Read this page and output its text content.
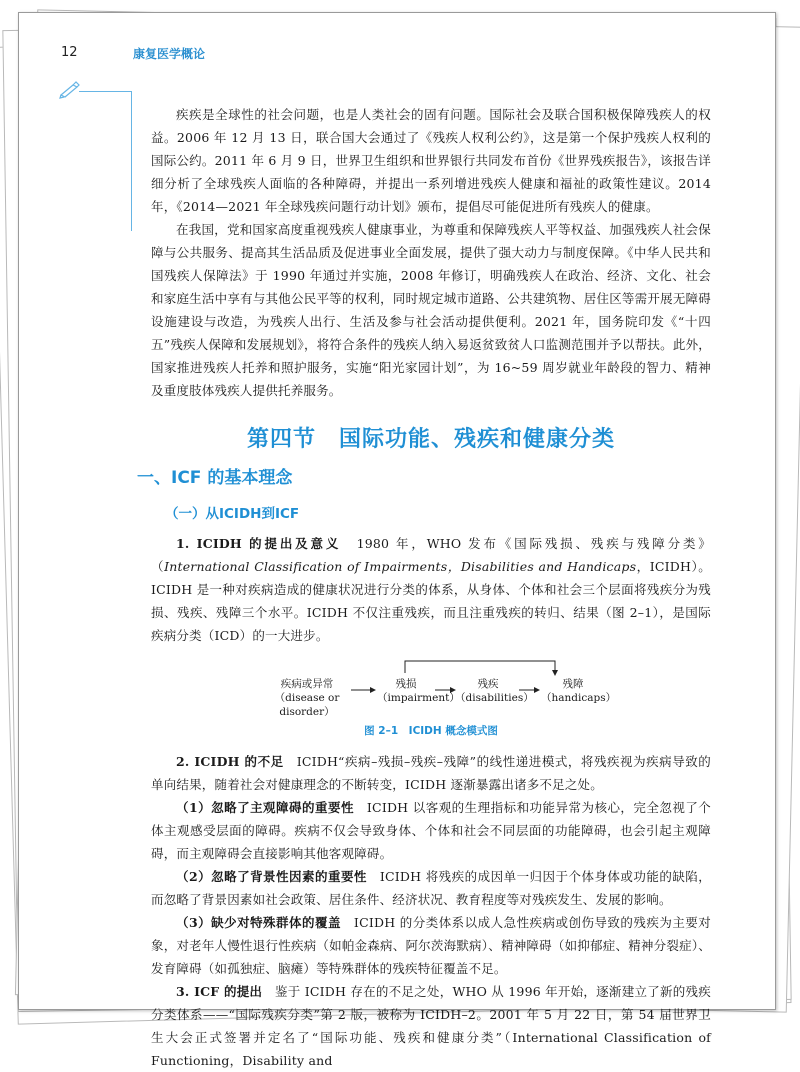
12	康复医学概论

疾疾是全球性的社会问题，也是人类社会的固有问题。国际社会及联合国积极保障残疾人的权益。2006 年 12 月 13 日，联合国大会通过了《残疾人权利公约》，这是第一个保护残疾人权利的国际公约。2011 年 6 月 9 日，世界卫生组织和世界银行共同发布首份《世界残疾报告》，该报告详细分析了全球残疾人面临的各种障碍，并提出一系列增进残疾人健康和福祉的政策性建议。2014 年，《2014—2021 年全球残疾问题行动计划》颁布，提倡尽可能促进所有残疾人的健康。

在我国，党和国家高度重视残疾人健康事业，为尊重和保障残疾人平等权益、加强残疾人社会保障与公共服务、提高其生活品质及促进事业全面发展，提供了强大动力与制度保障。《中华人民共和国残疾人保障法》于 1990 年通过并实施，2008 年修订，明确残疾人在政治、经济、文化、社会和家庭生活中享有与其他公民平等的权利，同时规定城市道路、公共建筑物、居住区等需开展无障碍设施建设与改造，为残疾人出行、生活及参与社会活动提供便利。2021 年，国务院印发《“十四五”残疾人保障和发展规划》，将符合条件的残疾人纳入易返贫致贫人口监测范围并予以帮扶。此外，国家推进残疾人托养和照护服务，实施“阳光家园计划”，为 16~59 周岁就业年龄段的智力、精神及重度肢体残疾人提供托养服务。

第四节　国际功能、残疾和健康分类
一、ICF 的基本理念
（一）从ICIDH到ICF

1. ICIDH 的提出及意义　1980 年，WHO 发布《国际残损、残疾与残障分类》（International Classification of Impairments，Disabilities and Handicaps，ICIDH）。ICIDH 是一种对疾病造成的健康状况进行分类的体系，从身体、个体和社会三个层面将残疾分为残损、残疾、残障三个水平。ICIDH 不仅注重残疾，而且注重残疾的转归、结果（图 2–1），是国际疾病分类（ICD）的一大进步。

疾病或异常
（disease or disorder）
残损
（impairment）
残疾
（disabilities）
残障
（handicaps）
图 2–1　ICIDH 概念模式图

2. ICIDH 的不足　ICIDH“疾病–残损–残疾–残障”的线性递进模式，将残疾视为疾病导致的单向结果，随着社会对健康理念的不断转变，ICIDH 逐渐暴露出诸多不足之处。

（1）忽略了主观障碍的重要性　ICIDH 以客观的生理指标和功能异常为核心，完全忽视了个体主观感受层面的障碍。疾病不仅会导致身体、个体和社会不同层面的功能障碍，也会引起主观障碍，而主观障碍会直接影响其他客观障碍。

（2）忽略了背景性因素的重要性　ICIDH 将残疾的成因单一归因于个体身体或功能的缺陷，而忽略了背景因素如社会政策、居住条件、经济状况、教育程度等对残疾发生、发展的影响。

（3）缺少对特殊群体的覆盖　ICIDH 的分类体系以成人急性疾病或创伤导致的残疾为主要对象，对老年人慢性退行性疾病（如帕金森病、阿尔茨海默病）、精神障碍（如抑郁症、精神分裂症）、发育障碍（如孤独症、脑瘫）等特殊群体的残疾特征覆盖不足。

3. ICF 的提出　鉴于 ICIDH 存在的不足之处，WHO 从 1996 年开始，逐渐建立了新的残疾分类体系——“国际残疾分类”第 2 版，被称为 ICIDH–2。2001 年 5 月 22 日，第 54 届世界卫生大会正式签署并定名了“国际功能、残疾和健康分类”（International Classification of Functioning，Disability and
